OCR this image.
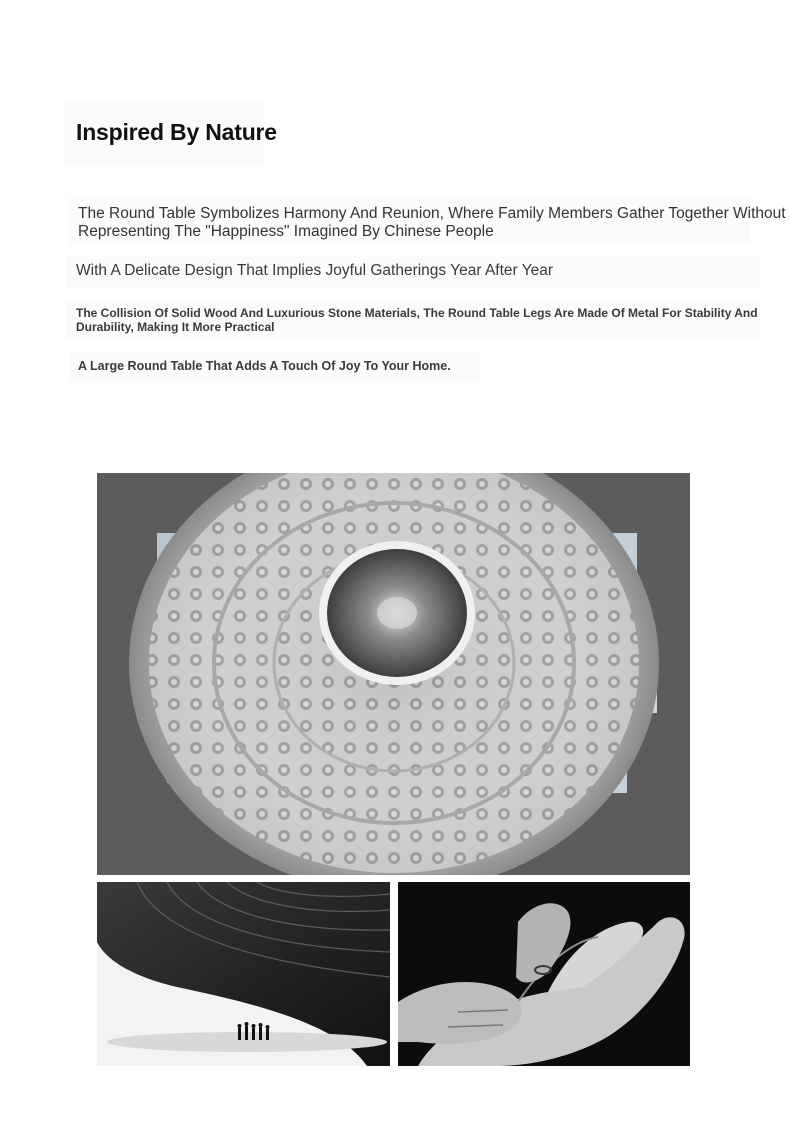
Inspired By Nature

The Round Table Symbolizes Harmony And Reunion, Where Family Members Gather Together Without
Representing The "Happiness" Imagined By Chinese People

With A Delicate Design That Implies Joyful Gatherings Year After Year

The Collision Of Solid Wood And Luxurious Stone Materials, The Round Table Legs Are Made Of Metal For Stability And Durability, Making It More Practical

A Large Round Table That Adds A Touch Of Joy To Your Home.
